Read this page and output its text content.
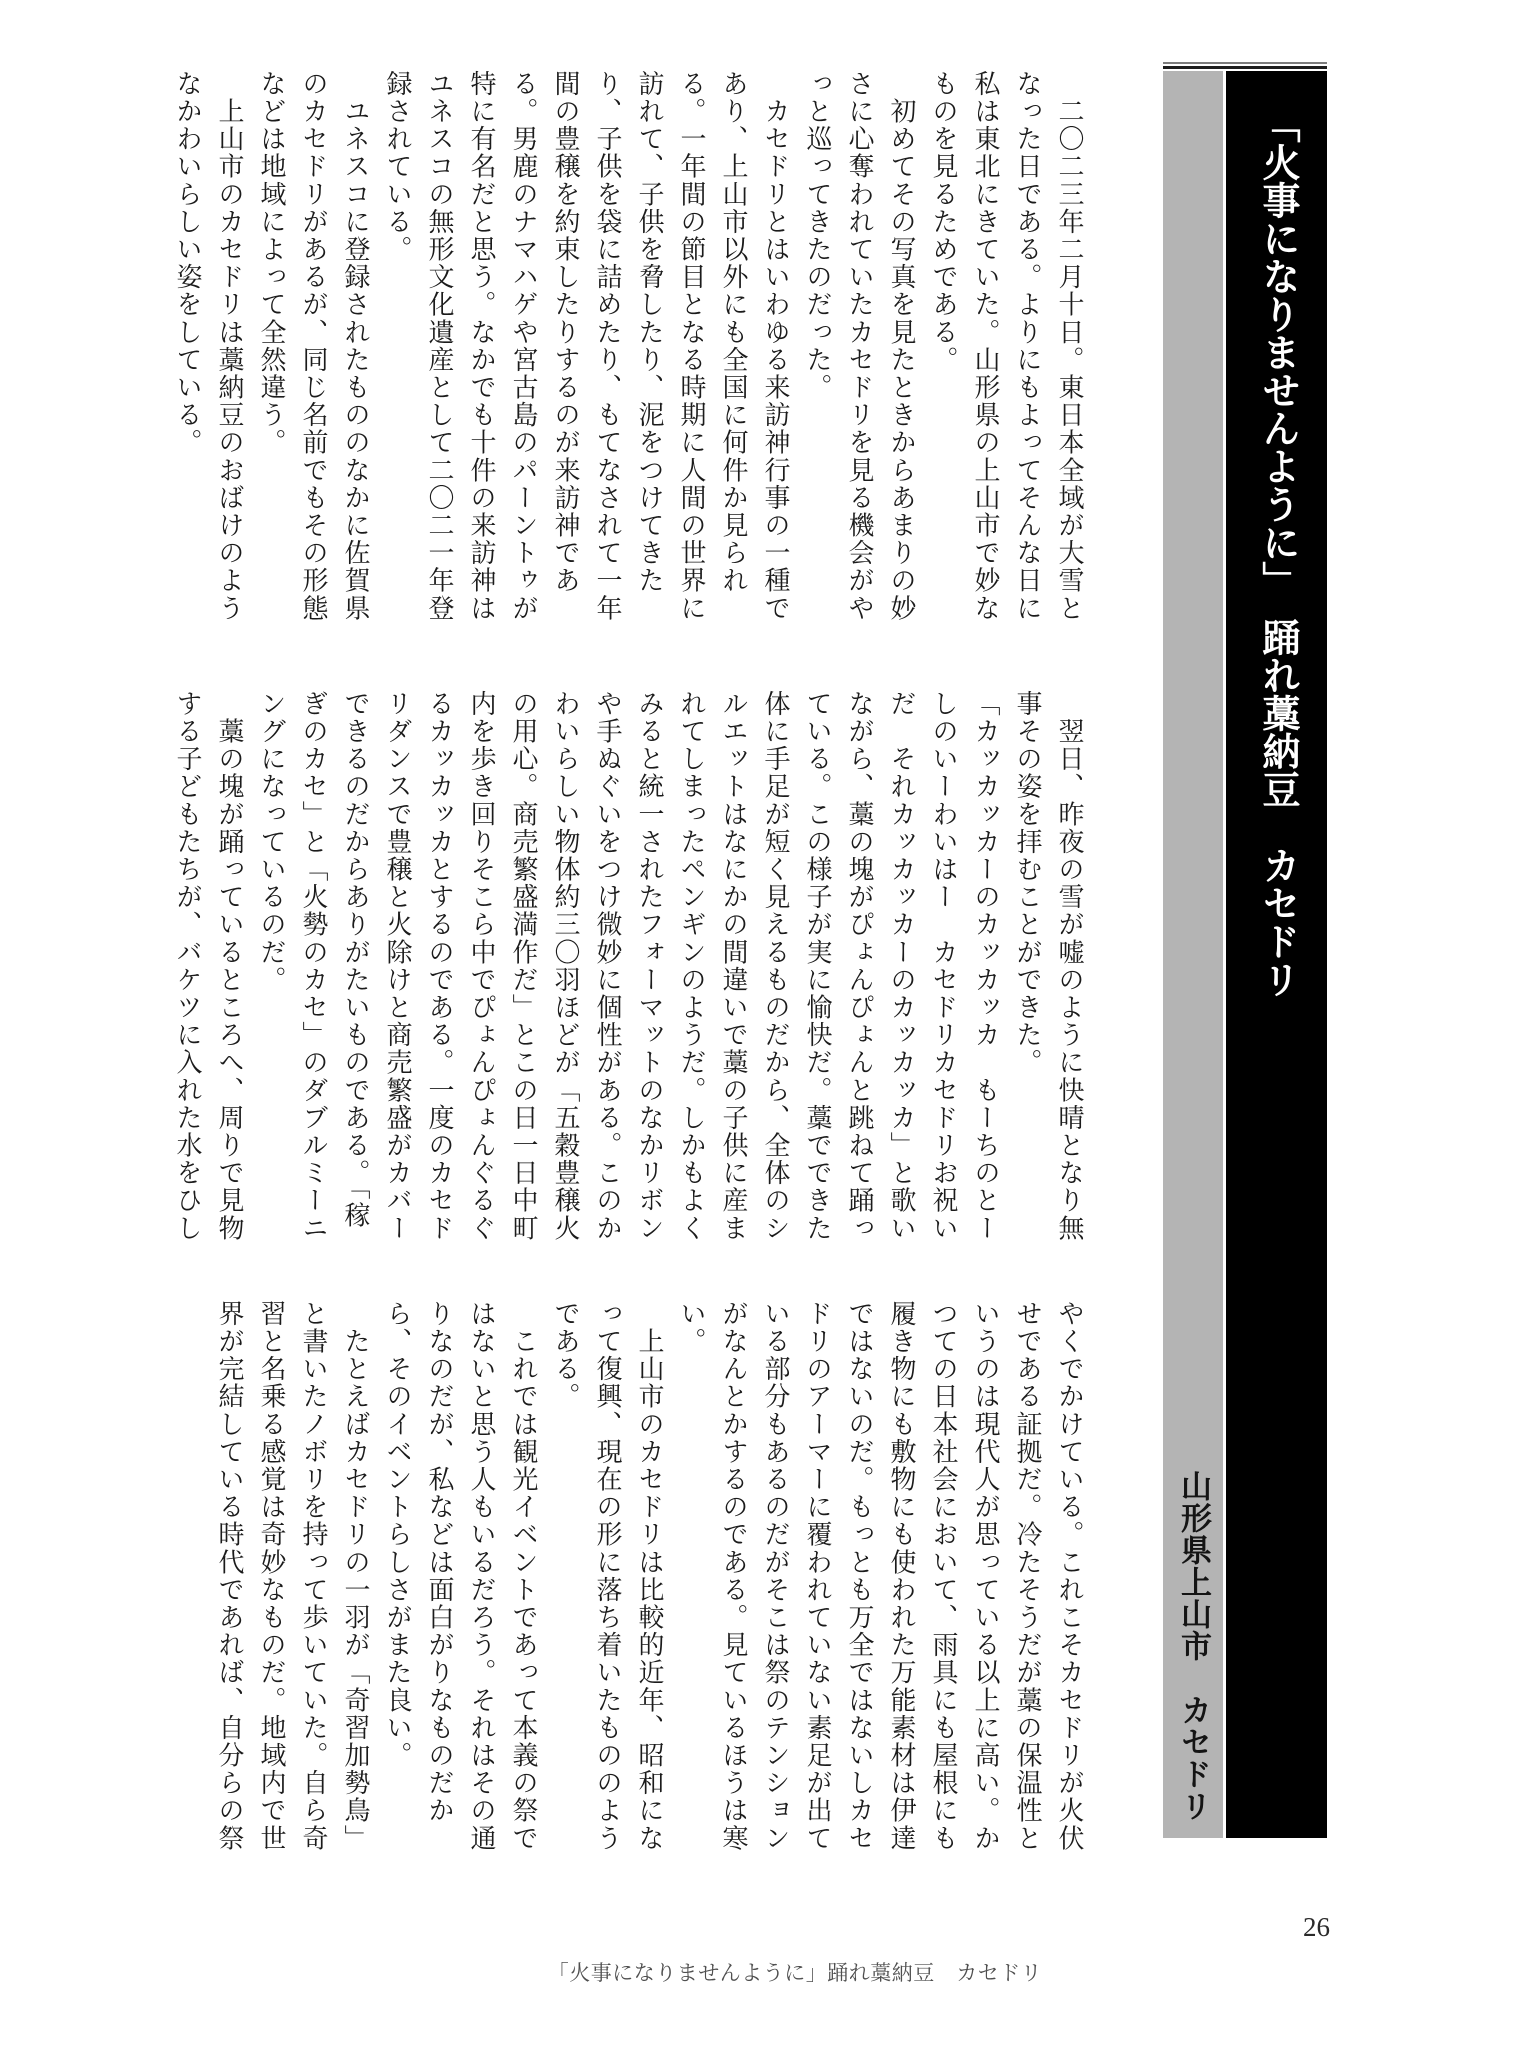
山形県上山市　カセドリ
「火事になりませんように」　踊れ藁納豆　カセドリ

　二〇二三年二月十日。東日本全域が大雪となった日である。よりにもよってそんな日に私は東北にきていた。山形県の上山市で妙なものを見るためである。

　初めてその写真を見たときからあまりの妙さに心奪われていたカセドリを見る機会がやっと巡ってきたのだった。

　カセドリとはいわゆる来訪神行事の一種であり、上山市以外にも全国に何件か見られる。一年間の節目となる時期に人間の世界に訪れて、子供を脅したり、泥をつけてきたり、子供を袋に詰めたり、もてなされて一年間の豊穣を約束したりするのが来訪神である。男鹿のナマハゲや宮古島のパーントゥが特に有名だと思う。なかでも十件の来訪神はユネスコの無形文化遺産として二〇二一年登録されている。

　ユネスコに登録されたもののなかに佐賀県のカセドリがあるが、同じ名前でもその形態などは地域によって全然違う。

　上山市のカセドリは藁納豆のおばけのようなかわいらしい姿をしている。

　翌日、昨夜の雪が嘘のように快晴となり無事その姿を拝むことができた。

「カッカッカーのカッカッカ　もーちのとーしのいーわいはー　カセドリカセドリお祝いだ　それカッカッカーのカッカッカ」と歌いながら、藁の塊がぴょんぴょんと跳ねて踊っている。この様子が実に愉快だ。藁でできた体に手足が短く見えるものだから、全体のシルエットはなにかの間違いで藁の子供に産まれてしまったペンギンのようだ。しかもよくみると統一されたフォーマットのなかリボンや手ぬぐいをつけ微妙に個性がある。このかわいらしい物体約三〇羽ほどが「五穀豊穣火の用心。商売繁盛満作だ」とこの日一日中町内を歩き回りそこら中でぴょんぴょんぐるぐるカッカッカとするのである。一度のカセドリダンスで豊穣と火除けと商売繁盛がカバーできるのだからありがたいものである。「稼ぎのカセ」と「火勢のカセ」のダブルミーニングになっているのだ。

　藁の塊が踊っているところへ、周りで見物する子どもたちが、バケツに入れた水をひし

やくでかけている。これこそカセドリが火伏せである証拠だ。冷たそうだが藁の保温性というのは現代人が思っている以上に高い。かつての日本社会において、雨具にも屋根にも履き物にも敷物にも使われた万能素材は伊達ではないのだ。もっとも万全ではないしカセドリのアーマーに覆われていない素足が出ている部分もあるのだがそこは祭のテンションがなんとかするのである。見ているほうは寒い。

　上山市のカセドリは比較的近年、昭和になって復興、現在の形に落ち着いたもののようである。

　これでは観光イベントであって本義の祭ではないと思う人もいるだろう。それはその通りなのだが、私などは面白がりなものだから、そのイベントらしさがまた良い。

　たとえばカセドリの一羽が「奇習加勢鳥」と書いたノボリを持って歩いていた。自ら奇習と名乗る感覚は奇妙なものだ。地域内で世界が完結している時代であれば、自分らの祭

「火事になりませんように」踊れ藁納豆　カセドリ
26
